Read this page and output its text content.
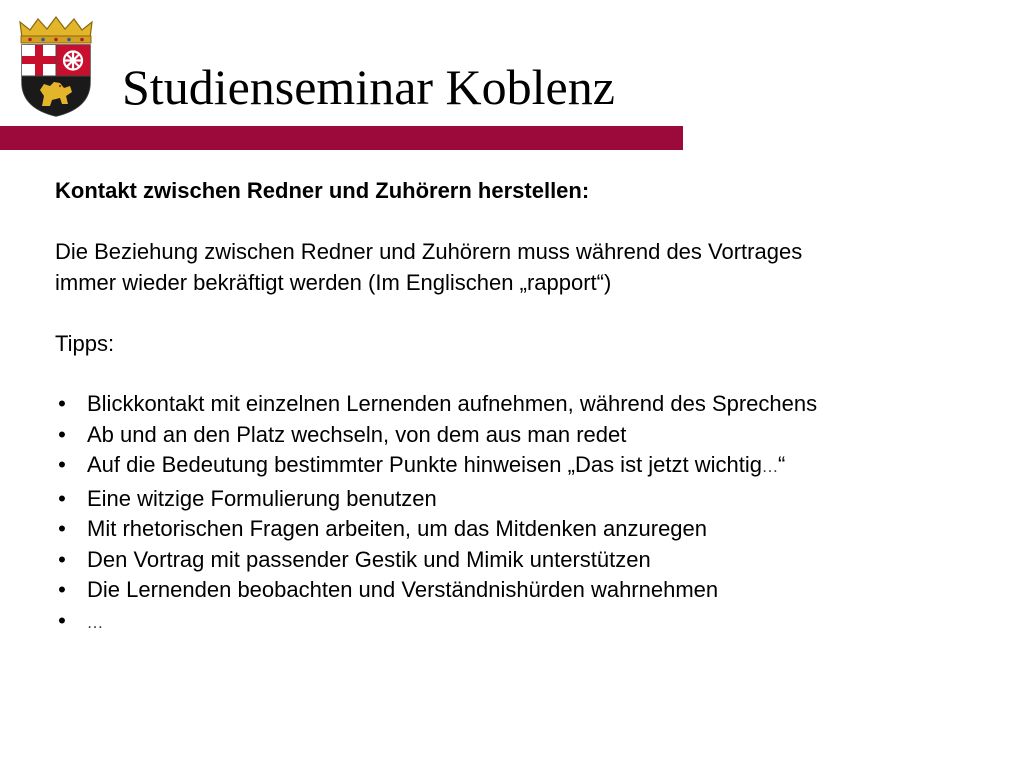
Studienseminar Koblenz
Kontakt zwischen Redner und Zuhörern herstellen:
Die Beziehung zwischen Redner und Zuhörern muss während des Vortrages
immer wieder bekräftigt werden (Im Englischen „rapport“)
Tipps:
• Blickkontakt mit einzelnen Lernenden aufnehmen, während des Sprechens
• Ab und an den Platz wechseln, von dem aus man redet
• Auf die Bedeutung bestimmter Punkte hinweisen „Das ist jetzt wichtig…“
• Eine witzige Formulierung benutzen
• Mit rhetorischen Fragen arbeiten, um das Mitdenken anzuregen
• Den Vortrag mit passender Gestik und Mimik unterstützen
• Die Lernenden beobachten und Verständnishürden wahrnehmen
• …
